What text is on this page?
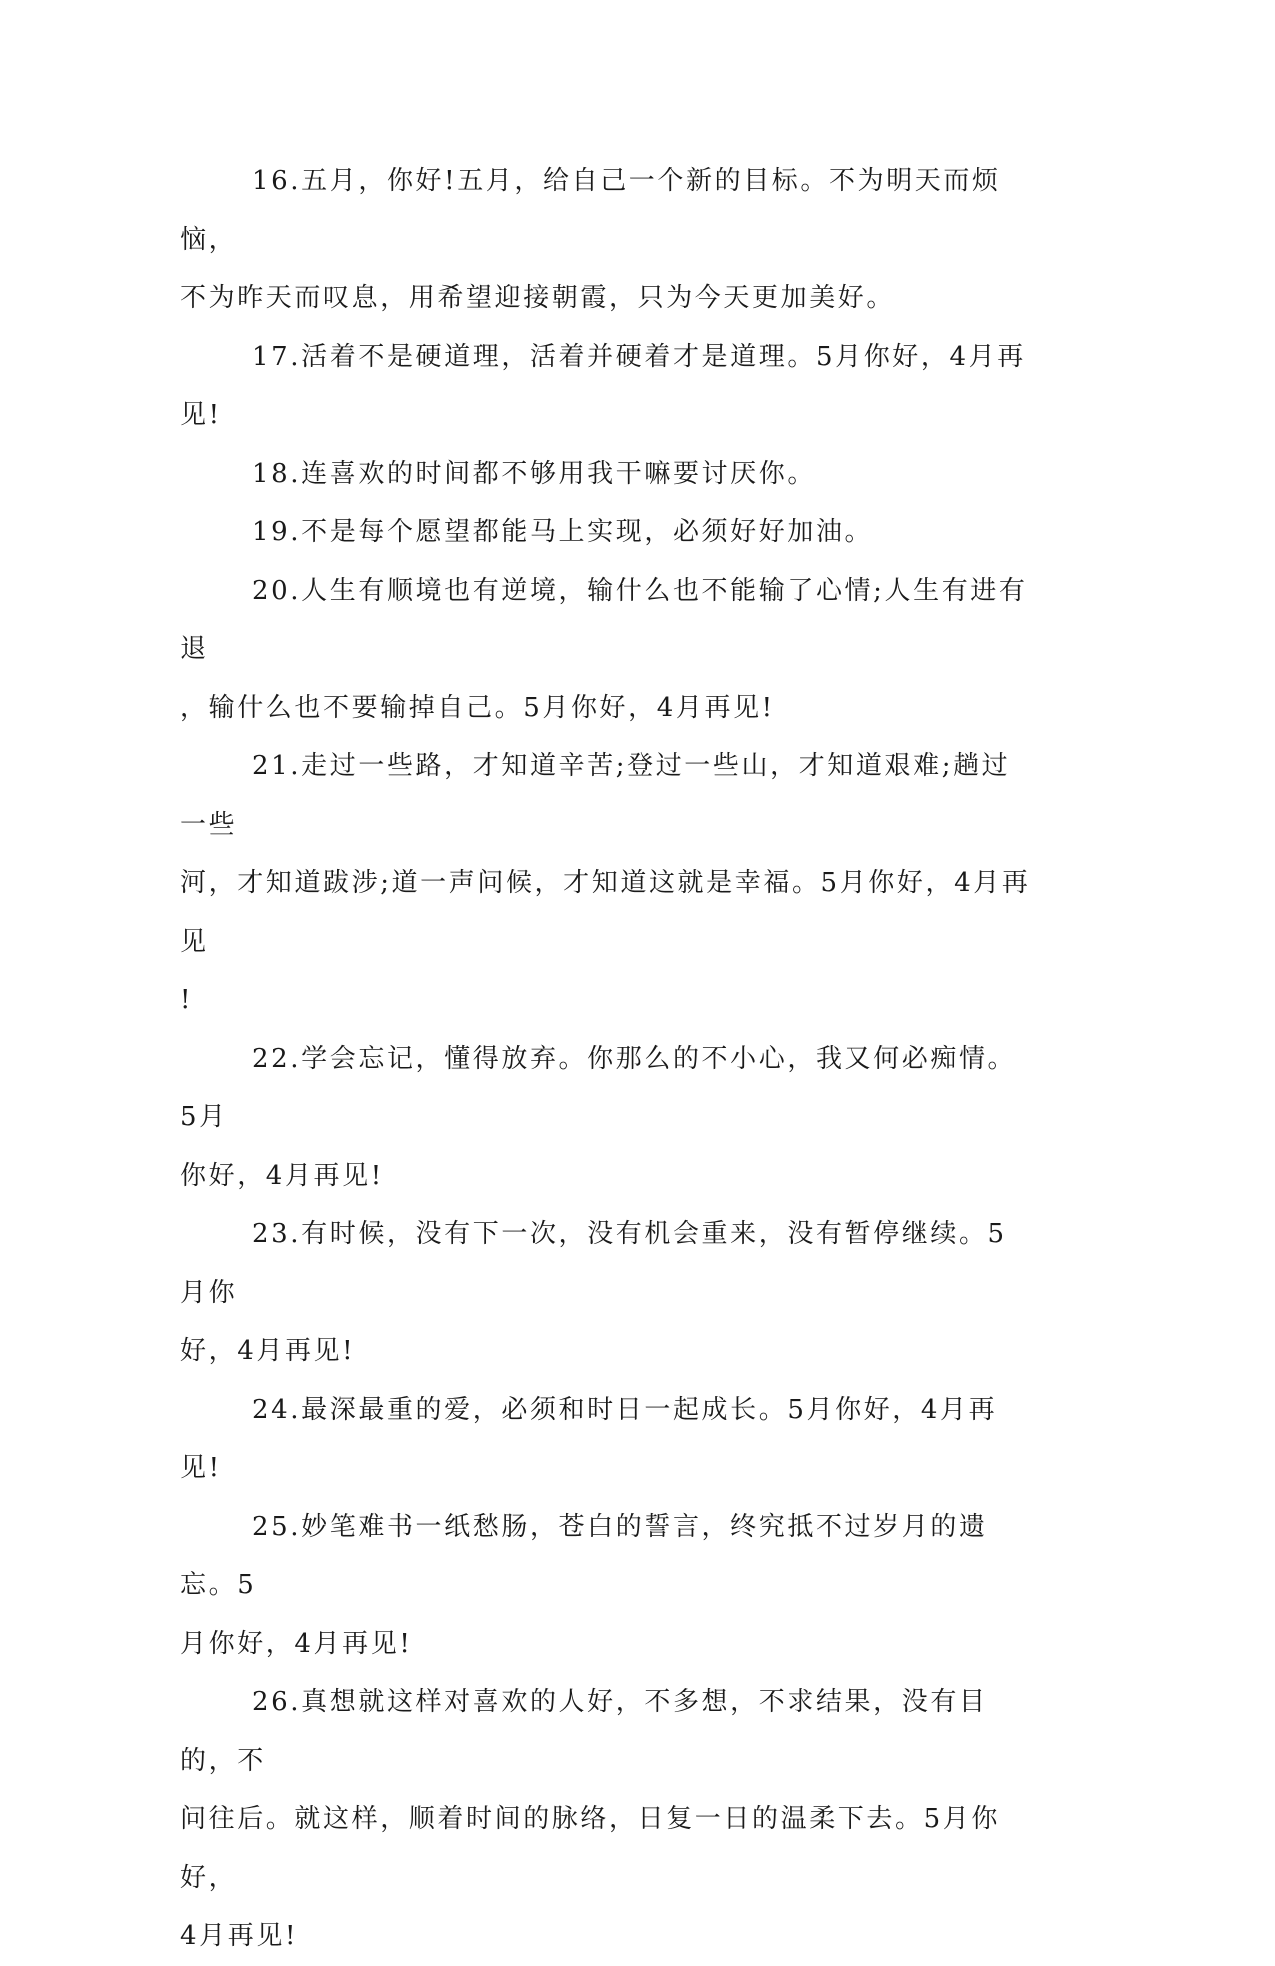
16.五月，你好!五月，给自己一个新的目标。不为明天而烦恼，
不为昨天而叹息，用希望迎接朝霞，只为今天更加美好。

17.活着不是硬道理，活着并硬着才是道理。5月你好，4月再见!

18.连喜欢的时间都不够用我干嘛要讨厌你。

19.不是每个愿望都能马上实现，必须好好加油。

20.人生有顺境也有逆境，输什么也不能输了心情;人生有进有退
，输什么也不要输掉自己。5月你好，4月再见!

21.走过一些路，才知道辛苦;登过一些山，才知道艰难;趟过一些
河，才知道跋涉;道一声问候，才知道这就是幸福。5月你好，4月再见
!

22.学会忘记，懂得放弃。你那么的不小心，我又何必痴情。5月
你好，4月再见!

23.有时候，没有下一次，没有机会重来，没有暂停继续。5月你
好，4月再见!

24.最深最重的爱，必须和时日一起成长。5月你好，4月再见!

25.妙笔难书一纸愁肠，苍白的誓言，终究抵不过岁月的遗忘。5
月你好，4月再见!

26.真想就这样对喜欢的人好，不多想，不求结果，没有目的，不
问往后。就这样，顺着时间的脉络，日复一日的温柔下去。5月你好，
4月再见!
